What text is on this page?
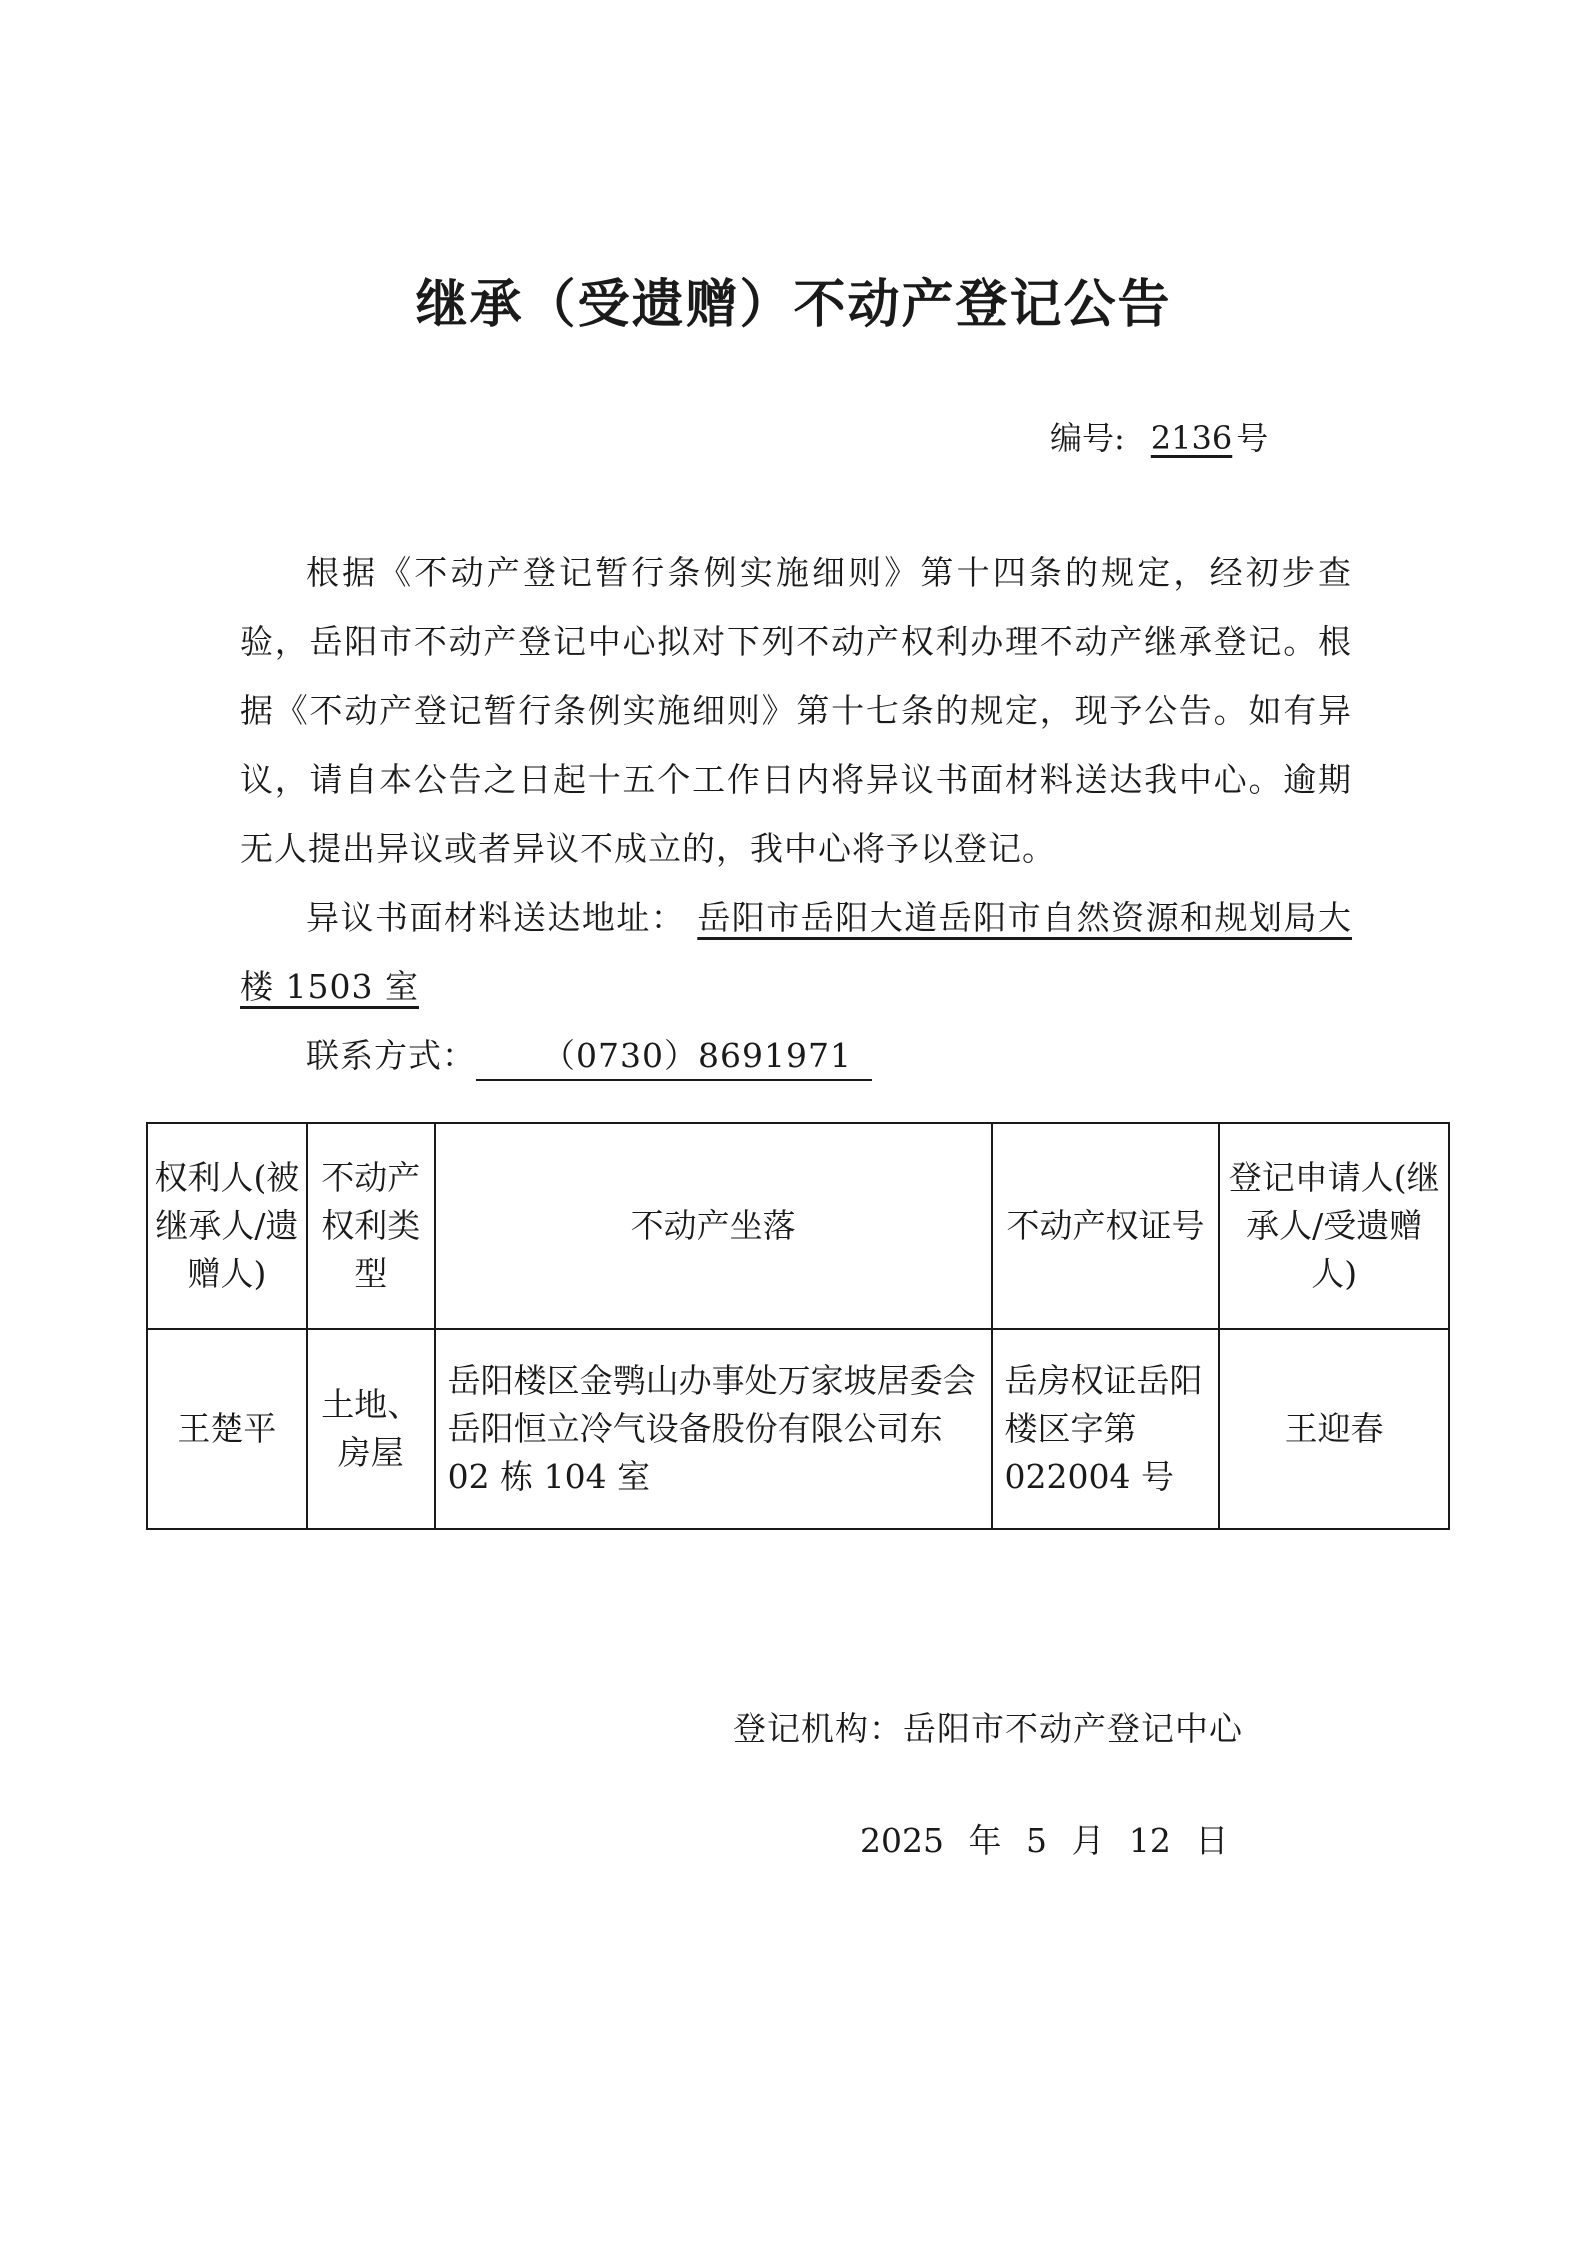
继承（受遗赠）不动产登记公告
编号: 2136 号

根据《不动产登记暂行条例实施细则》第十四条的规定，经初步查验，岳阳市不动产登记中心拟对下列不动产权利办理不动产继承登记。根据《不动产登记暂行条例实施细则》第十七条的规定，现予公告。如有异议，请自本公告之日起十五个工作日内将异议书面材料送达我中心。逾期无人提出异议或者异议不成立的，我中心将予以登记。

异议书面材料送达地址： 岳阳市岳阳大道岳阳市自然资源和规划局大楼 1503 室

联系方式： （0730）8691971

权利人(被继承人/遗赠人)	不动产权利类型	不动产坐落	不动产权证号	登记申请人(继承人/受遗赠人)
王楚平	土地、房屋	岳阳楼区金鹗山办事处万家坡居委会岳阳恒立冷气设备股份有限公司东 02 栋 104 室	岳房权证岳阳楼区字第 022004 号	王迎春
登记机构：岳阳市不动产登记中心
2025 年 5 月 12 日
